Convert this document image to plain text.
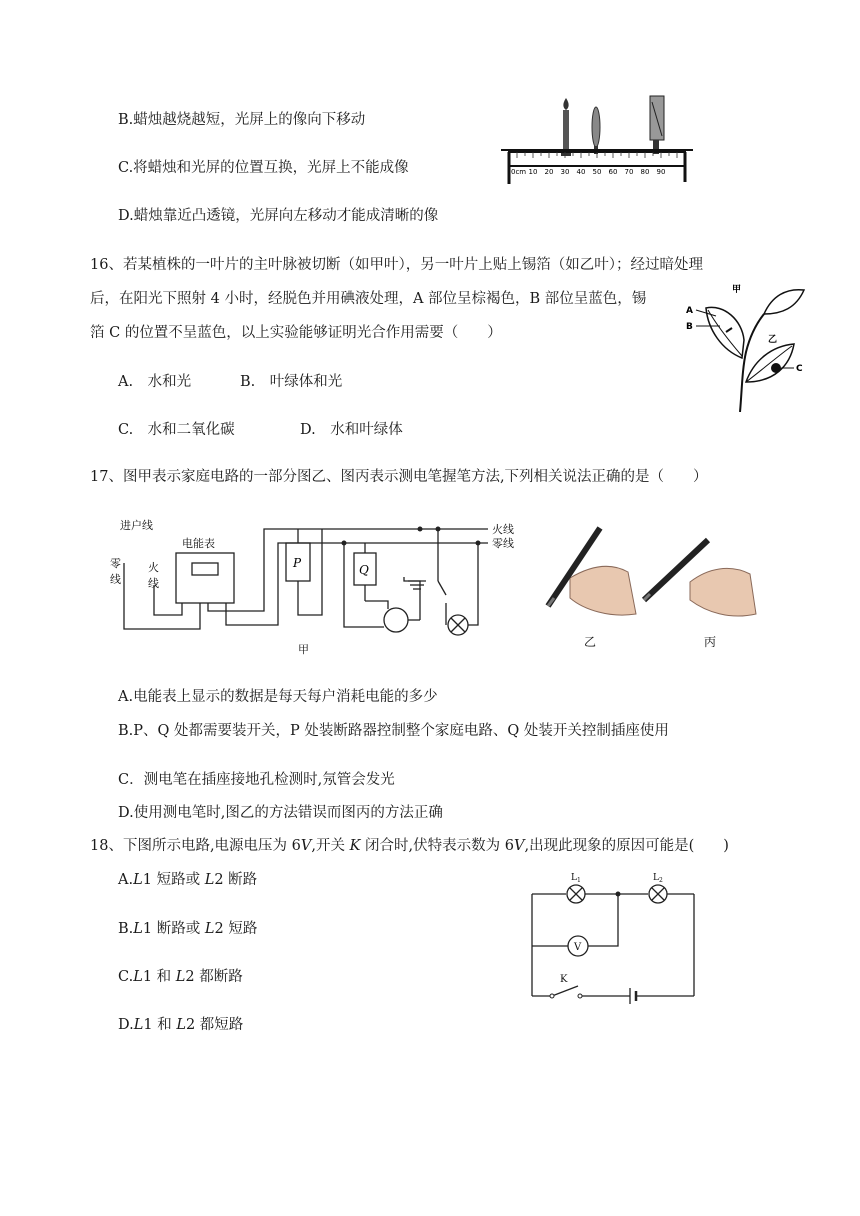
B.蜡烛越烧越短，光屏上的像向下移动
C.将蜡烛和光屏的位置互换，光屏上不能成像
D.蜡烛靠近凸透镜，光屏向左移动才能成清晰的像
0cm 10 20 30 40 50 60 70 80 90
16、若某植株的一叶片的主叶脉被切断（如甲叶），另一叶片上贴上锡箔（如乙叶）；经过暗处理
后，在阳光下照射 4 小时，经脱色并用碘液处理，A 部位呈棕褐色，B 部位呈蓝色，锡
箔 C 的位置不呈蓝色，以上实验能够证明光合作用需要（　　）
A.　水和光	B.　叶绿体和光
C.　水和二氧化碳	D.　水和叶绿体
甲
A
B
乙
C
17、图甲表示家庭电路的一部分图乙、图丙表示测电笔握笔方法,下列相关说法正确的是（　　）
进户线
零
线
火
线
电能表
火线
零线
甲
P	Q
乙	丙
A.电能表上显示的数据是每天每户消耗电能的多少
B.P、Q 处都需要装开关，P 处装断路器控制整个家庭电路、Q 处装开关控制插座使用
C．测电笔在插座接地孔检测时,氖管会发光
D.使用测电笔时,图乙的方法错误而图丙的方法正确
18、下图所示电路,电源电压为 6V,开关 K 闭合时,伏特表示数为 6V,出现此现象的原因可能是(　　)
A.L1 短路或 L2 断路
B.L1 断路或 L2 短路
C.L1 和 L2 都断路
D.L1 和 L2 都短路
L 1	L 2
V
K
